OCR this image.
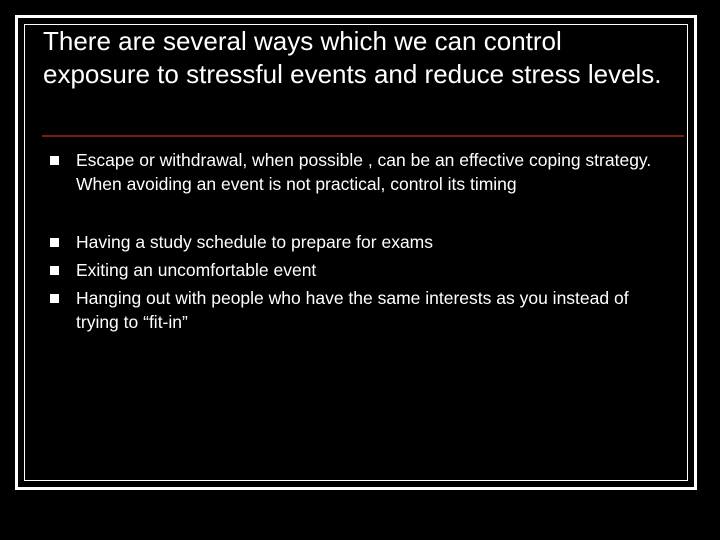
There are several ways which we can control exposure to stressful events and reduce stress levels.
Escape or withdrawal, when possible , can be an effective coping strategy. When avoiding an event is not practical, control its timing
Having a study schedule to prepare for exams
Exiting an uncomfortable event
Hanging out with people who have the same interests as you instead of trying to “fit-in”
